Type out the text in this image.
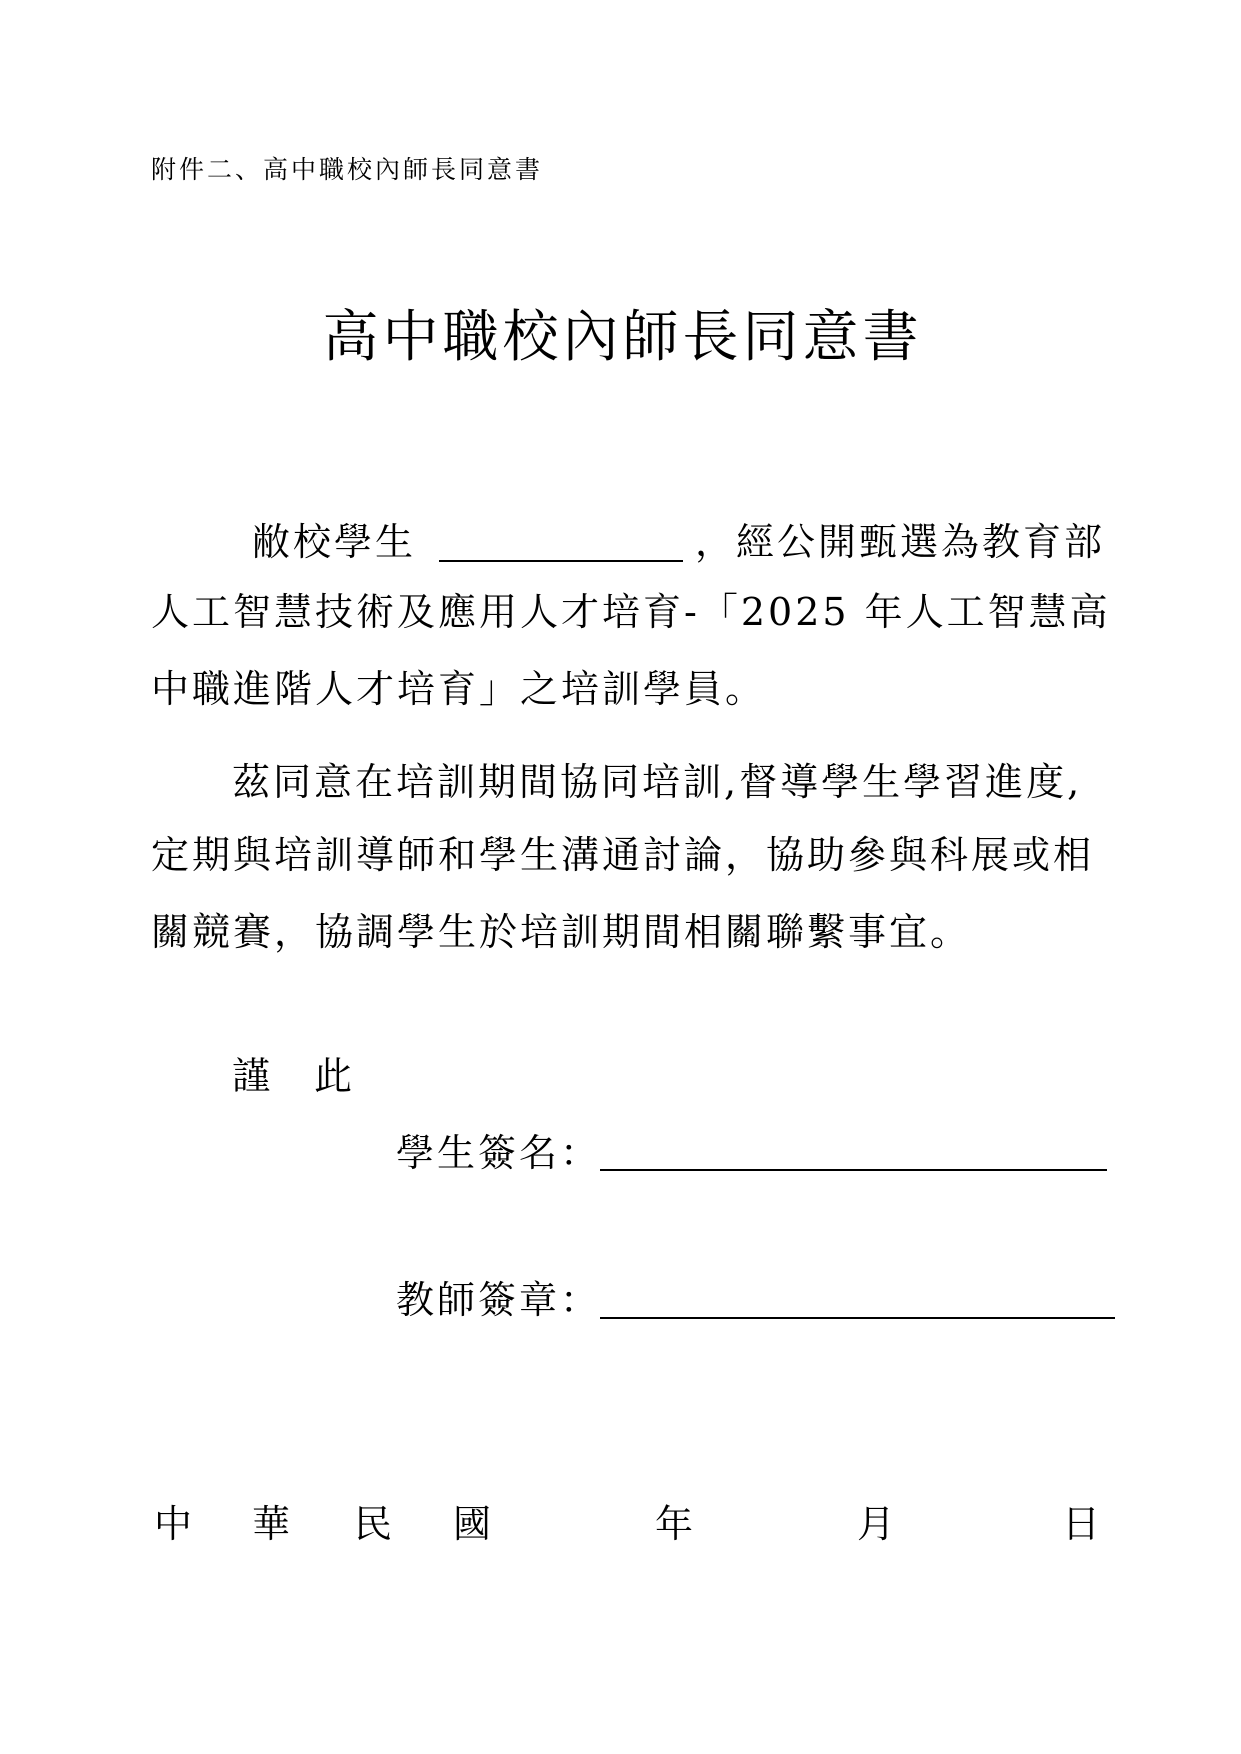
附件二、高中職校內師長同意書
高中職校內師長同意書
敝校學生	，經公開甄選為教育部
人工智慧技術及應用人才培育-「2025 年人工智慧高
中職進階人才培育」之培訓學員。
茲同意在培訓期間協同培訓,督導學生學習進度,
定期與培訓導師和學生溝通討論，協助參與科展或相
關競賽，協調學生於培訓期間相關聯繫事宜。
謹　此
學生簽名：
教師簽章：
中 華 民 國	年	月	日
